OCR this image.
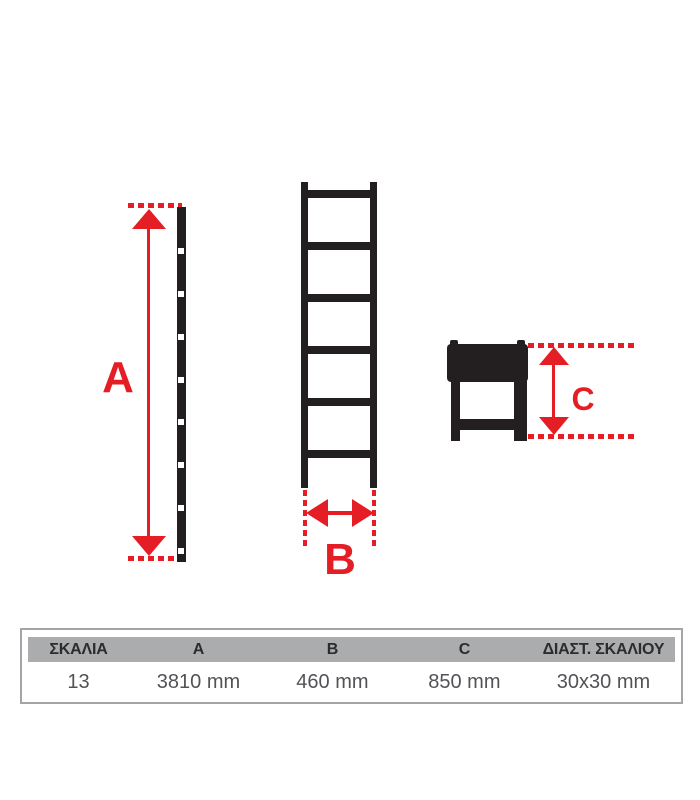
A
B
C
ΣΚΑΛΙΑ	A	B	C	ΔΙΑΣΤ. ΣΚΑΛΙΟΥ
13	3810 mm	460 mm	850 mm	30x30 mm
